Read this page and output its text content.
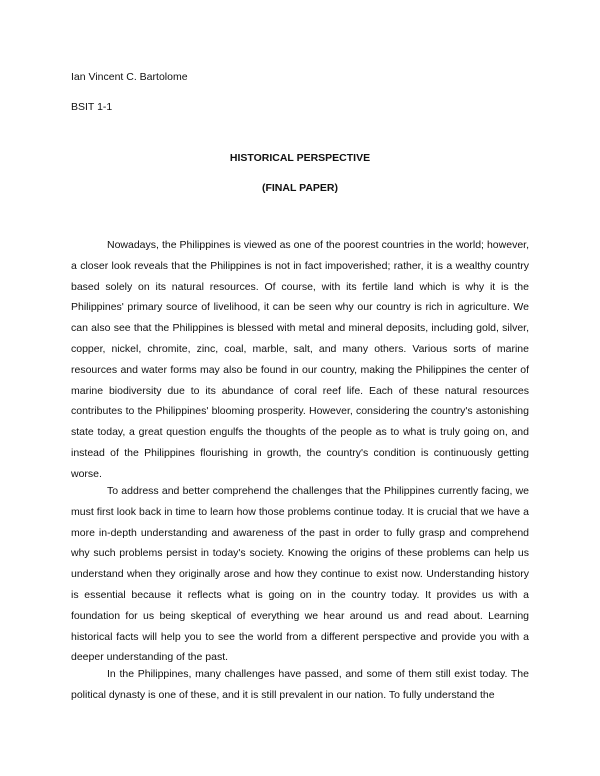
Ian Vincent C. Bartolome

BSIT 1-1

HISTORICAL PERSPECTIVE

(FINAL PAPER)

Nowadays, the Philippines is viewed as one of the poorest countries in the world; however, a closer look reveals that the Philippines is not in fact impoverished; rather, it is a wealthy country based solely on its natural resources. Of course, with its fertile land which is why it is the Philippines' primary source of livelihood, it can be seen why our country is rich in agriculture. We can also see that the Philippines is blessed with metal and mineral deposits, including gold, silver, copper, nickel, chromite, zinc, coal, marble, salt, and many others. Various sorts of marine resources and water forms may also be found in our country, making the Philippines the center of marine biodiversity due to its abundance of coral reef life. Each of these natural resources contributes to the Philippines' blooming prosperity. However, considering the country's astonishing state today, a great question engulfs the thoughts of the people as to what is truly going on, and instead of the Philippines flourishing in growth, the country's condition is continuously getting worse.

To address and better comprehend the challenges that the Philippines currently facing, we must first look back in time to learn how those problems continue today. It is crucial that we have a more in-depth understanding and awareness of the past in order to fully grasp and comprehend why such problems persist in today's society. Knowing the origins of these problems can help us understand when they originally arose and how they continue to exist now. Understanding history is essential because it reflects what is going on in the country today. It provides us with a foundation for us being skeptical of everything we hear around us and read about. Learning historical facts will help you to see the world from a different perspective and provide you with a deeper understanding of the past.

In the Philippines, many challenges have passed, and some of them still exist today. The political dynasty is one of these, and it is still prevalent in our nation. To fully understand the
